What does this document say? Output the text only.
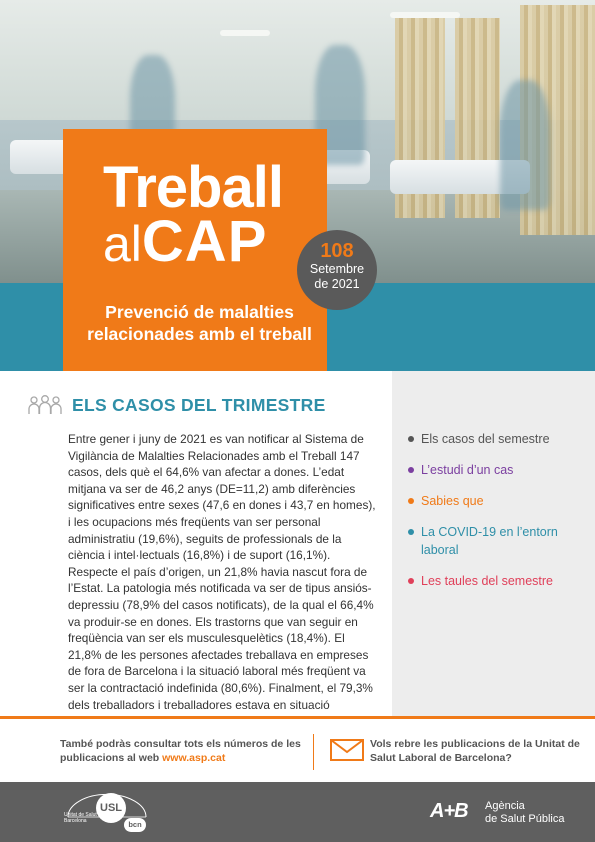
Treball
alCAP
Prevenció de malalties relacionades amb el treball
108
Setembre
de 2021
ELS CASOS DEL TRIMESTRE

Entre gener i juny de 2021 es van notificar al Sistema de Vigilància de Malalties Relacionades amb el Treball 147 casos, dels què el 64,6% van afectar a dones. L’edat mitjana va ser de 46,2 anys (DE=11,2) amb diferències significatives entre sexes (47,6 en dones i 43,7 en homes), i les ocupacions més freqüents van ser personal administratiu (19,6%), seguits de professionals de la ciència i intel·lectuals (16,8%) i de suport (16,1%). Respecte el país d’origen, un 21,8% havia nascut fora de l’Estat. La patologia més notificada va ser de tipus ansiós-depressiu (78,9% del casos notificats), de la qual el 66,4% va produir-se en dones. Els trastorns que van seguir en freqüència van ser els musculesquelètics (18,4%). El 21,8% de les persones afectades treballava en empreses de fora de Barcelona i la situació laboral més freqüent va ser la contractació indefinida (80,6%). Finalment, el 79,3% dels treballadors i treballadores estava en situació

Els casos del semestre
L’estudi d’un cas
Sabies que
La COVID-19 en l’entorn laboral
Les taules del semestre
També podràs consultar tots els números de les publicacions al web www.asp.cat
Vols rebre les publicacions de la Unitat de Salut Laboral de Barcelona?
USL
Unitat de Salut Laboral de Barcelona	bcn
A+B Agència
de Salut Pública
